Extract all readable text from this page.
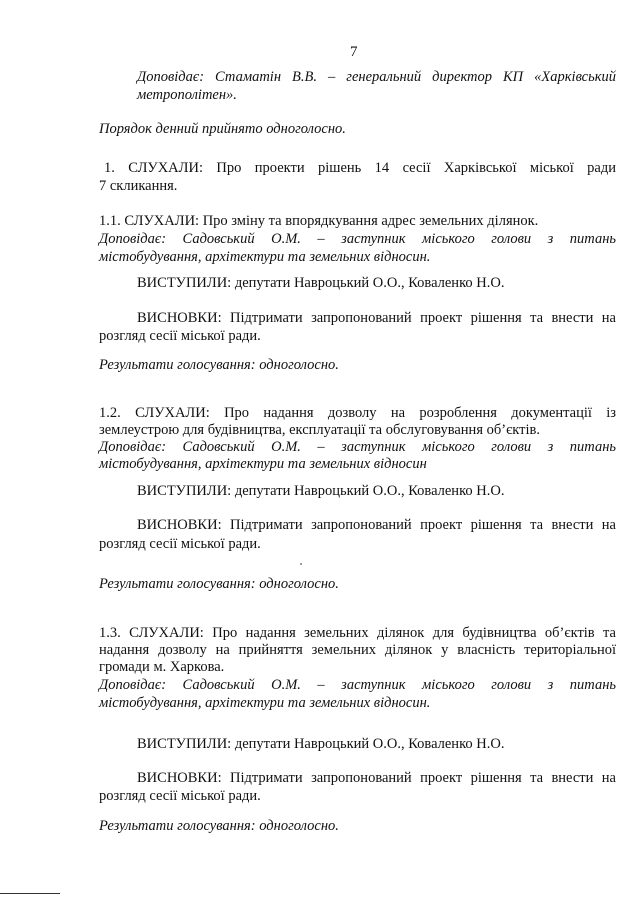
7
Доповідає: Стаматін В.В. – генеральний директор КП «Харківський
метрополітен».
Порядок денний прийнято одноголосно.
1. СЛУХАЛИ: Про проекти рішень 14 сесії Харківської міської ради
7 скликання.
1.1. СЛУХАЛИ: Про зміну та впорядкування адрес земельних ділянок.
Доповідає: Садовський О.М. – заступник міського голови з питань
містобудування, архітектури та земельних відносин.
ВИСТУПИЛИ: депутати Навроцький О.О., Коваленко Н.О.
ВИСНОВКИ: Підтримати запропонований проект рішення та внести на
розгляд сесії міської ради.
Результати голосування: одноголосно.
1.2. СЛУХАЛИ: Про надання дозволу на розроблення документації із
землеустрою для будівництва, експлуатації та обслуговування об’єктів.
Доповідає: Садовський О.М. – заступник міського голови з питань
містобудування, архітектури та земельних відносин
ВИСТУПИЛИ: депутати Навроцький О.О., Коваленко Н.О.
ВИСНОВКИ: Підтримати запропонований проект рішення та внести на
розгляд сесії міської ради.
Результати голосування: одноголосно.
1.3. СЛУХАЛИ: Про надання земельних ділянок для будівництва об’єктів та
надання дозволу на прийняття земельних ділянок у власність територіальної
громади м. Харкова.
Доповідає: Садовський О.М. – заступник міського голови з питань
містобудування, архітектури та земельних відносин.
ВИСТУПИЛИ: депутати Навроцький О.О., Коваленко Н.О.
ВИСНОВКИ: Підтримати запропонований проект рішення та внести на
розгляд сесії міської ради.
Результати голосування: одноголосно.
